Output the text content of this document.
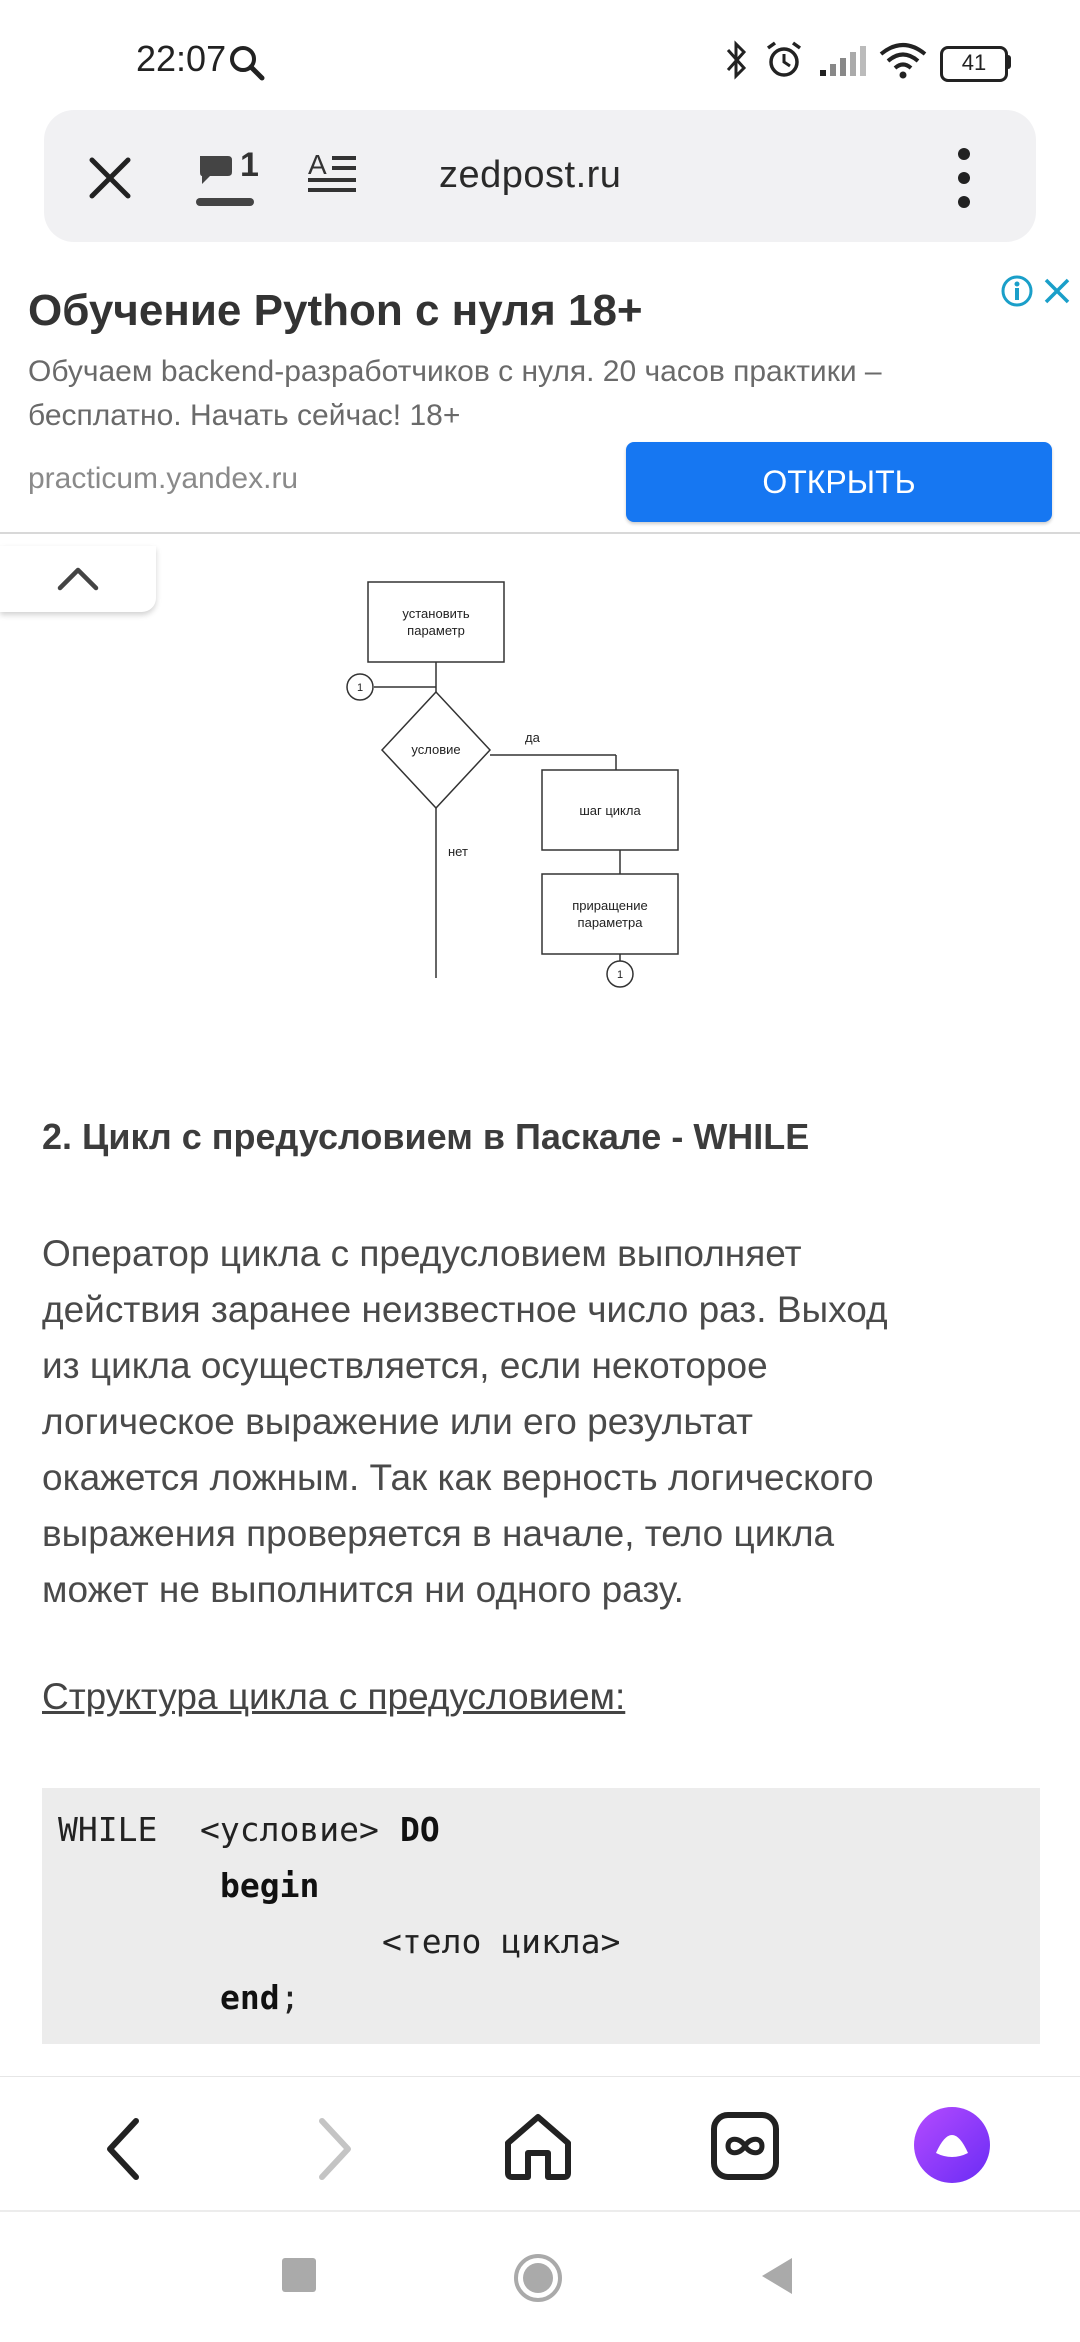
22:07	41
1 A	zedpost.ru
Обучение Python с нуля 18+
Обучаем backend-разработчиков с нуля. 20 часов практики – бесплатно. Начать сейчас! 18+
practicum.yandex.ru	ОТКРЫТЬ
установить
параметр
1
условие
да
нет
шаг цикла
приращение
параметра
1
2. Цикл с предусловием в Паскале - WHILE
Оператор цикла с предусловием выполняет
действия заранее неизвестное число раз. Выход
из цикла осуществляется, если некоторое
логическое выражение или его результат
окажется ложным. Так как верность логического
выражения проверяется в начале, тело цикла
может не выполнится ни одного разу.
Структура цикла с предусловием:
WHILE <условие> DO
begin
<тело цикла>
end ;
